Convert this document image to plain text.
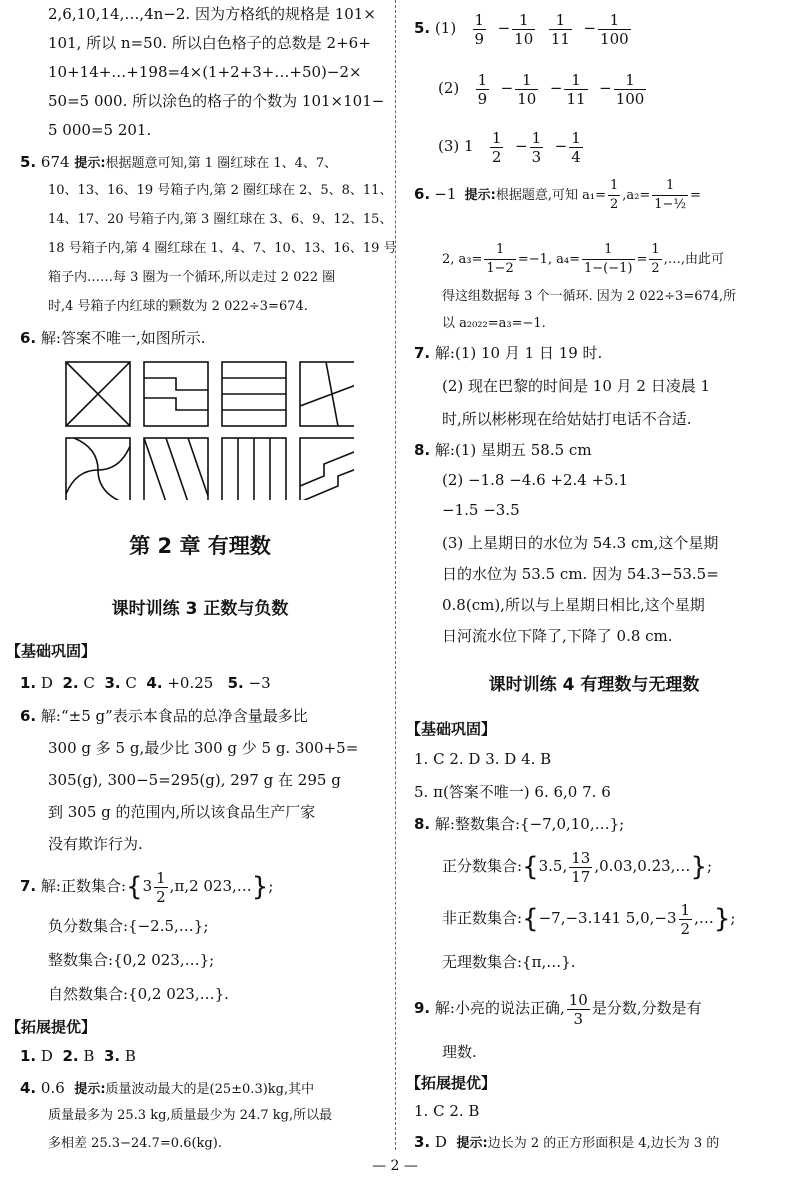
2,6,10,14,…,4n−2. 因为方格纸的规格是 101×
101, 所以 n=50. 所以白色格子的总数是 2+6+
10+14+…+198=4×(1+2+3+…+50)−2×
50=5 000. 所以涂色的格子的个数为 101×101−
5 000=5 201.
5. 674 提示:根据题意可知,第 1 圈红球在 1、4、7、
10、13、16、19 号箱子内,第 2 圈红球在 2、5、8、11、
14、17、20 号箱子内,第 3 圈红球在 3、6、9、12、15、
18 号箱子内,第 4 圈红球在 1、4、7、10、13、16、19 号
箱子内……每 3 圈为一个循环,所以走过 2 022 圈
时,4 号箱子内红球的颗数为 2 022÷3=674.
6. 解:答案不唯一,如图所示.
第 2 章 有理数
课时训练 3 正数与负数
【基础巩固】
1. D 2. C 3. C 4. +0.25 5. −3
6. 解:“±5 g”表示本食品的总净含量最多比
300 g 多 5 g,最少比 300 g 少 5 g. 300+5=
305(g), 300−5=295(g), 297 g 在 295 g
到 305 g 的范围内,所以该食品生产厂家
没有欺诈行为.
7. 解:正数集合:{3 $\frac{1}{2} ,\pi,2$ 023,…};
负分数集合:{−2.5,…};
整数集合:{0,2 023,…};
自然数集合:{0,2 023,…}.
【拓展提优】
1. D 2. B 3. B
4. 0.6 提示:质量波动最大的是(25±0.3)kg,其中
质量最多为 25.3 kg,质量最少为 24.7 kg,所以最
多相差 25.3−24.7=0.6(kg).
5. $(1) \frac{1}{9} - \frac{1}{10}$
$\frac{1}{11} - \frac{1}{100}$
$(2) \frac{1}{9} - \frac{1}{10} - \frac{1}{11} - \frac{1}{100}$
(3) $1 \frac{1}{2} - \frac{1}{3} - \frac{1}{4}$
6. −1 提示:根据题意,可知 $a_1= \frac{1}{2} ,a_2= \frac{1}{\text{1−½}}$ =
2, $a_3= \frac{1}{1-2} =-1$, $a_4= \frac{1}{1-(-1)} = \frac{1}{2}$ ,…,由此可
得这组数据每 3 个一循环. 因为 2 022÷3=674,所
以 a₂₀₂₂=a₃=−1.
7. 解:(1) 10 月 1 日 19 时.
(2) 现在巴黎的时间是 10 月 2 日凌晨 1
时,所以彬彬现在给姑姑打电话不合适.
8. 解:(1) 星期五 58.5 cm
(2) −1.8 −4.6 +2.4 +5.1
−1.5 −3.5
(3) 上星期日的水位为 54.3 cm,这个星期
日的水位为 53.5 cm. 因为 54.3−53.5=
0.8(cm),所以与上星期日相比,这个星期
日河流水位下降了,下降了 0.8 cm.
课时训练 4 有理数与无理数
【基础巩固】
1. C 2. D 3. D 4. B
5. π(答案不唯一) 6. 6,0 7. 6
8. 解:整数集合:{−7,0,10,…};
正分数集合:{3.5, $\frac{13}{17}$ ,0.03,0.2̇3̇,…};
非正数集合:{−7,−3.141 $5,0,-3 \frac{1}{2}$ ,…};
无理数集合:{π,…}.
9. 解:小亮的说法正确, $\frac{10}{3}$ 是分数,分数是有
理数.
【拓展提优】
1. C 2. B
3. D 提示:边长为 2 的正方形面积是 4,边长为 3 的
— 2 —
